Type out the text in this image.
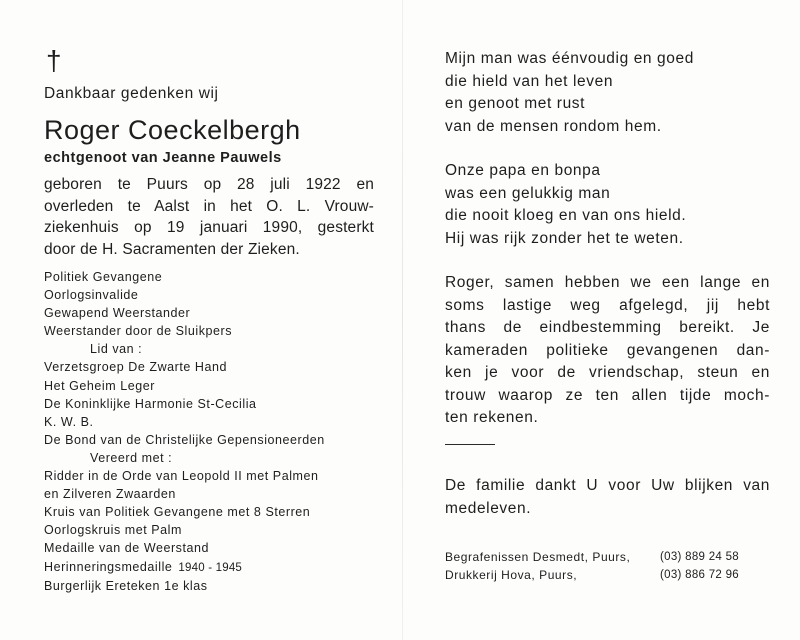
†
Dankbaar gedenken wij
Roger Coeckelbergh
echtgenoot van Jeanne Pauwels
geboren te Puurs op 28 juli 1922 en
overleden te Aalst in het O. L. Vrouw-
ziekenhuis op 19 januari 1990, gesterkt
door de H. Sacramenten der Zieken.
Politiek Gevangene
Oorlogsinvalide
Gewapend Weerstander
Weerstander door de Sluikpers
Lid van :
Verzetsgroep De Zwarte Hand
Het Geheim Leger
De Koninklijke Harmonie St-Cecilia
K. W. B.
De Bond van de Christelijke Gepensioneerden
Vereerd met :
Ridder in de Orde van Leopold II met Palmen
en Zilveren Zwaarden
Kruis van Politiek Gevangene met 8 Sterren
Oorlogskruis met Palm
Medaille van de Weerstand
Herinneringsmedaille 1940 - 1945
Burgerlijk Ereteken 1e klas
Mijn man was éénvoudig en goed
die hield van het leven
en genoot met rust
van de mensen rondom hem.
Onze papa en bonpa
was een gelukkig man
die nooit kloeg en van ons hield.
Hij was rijk zonder het te weten.
Roger, samen hebben we een lange en
soms lastige weg afgelegd, jij hebt
thans de eindbestemming bereikt. Je
kameraden politieke gevangenen dan-
ken je voor de vriendschap, steun en
trouw waarop ze ten allen tijde moch-
ten rekenen.
De familie dankt U voor Uw blijken van
medeleven.
Begrafenissen Desmedt, Puurs,	(03) 889 24 58
Drukkerij Hova, Puurs,	(03) 886 72 96
